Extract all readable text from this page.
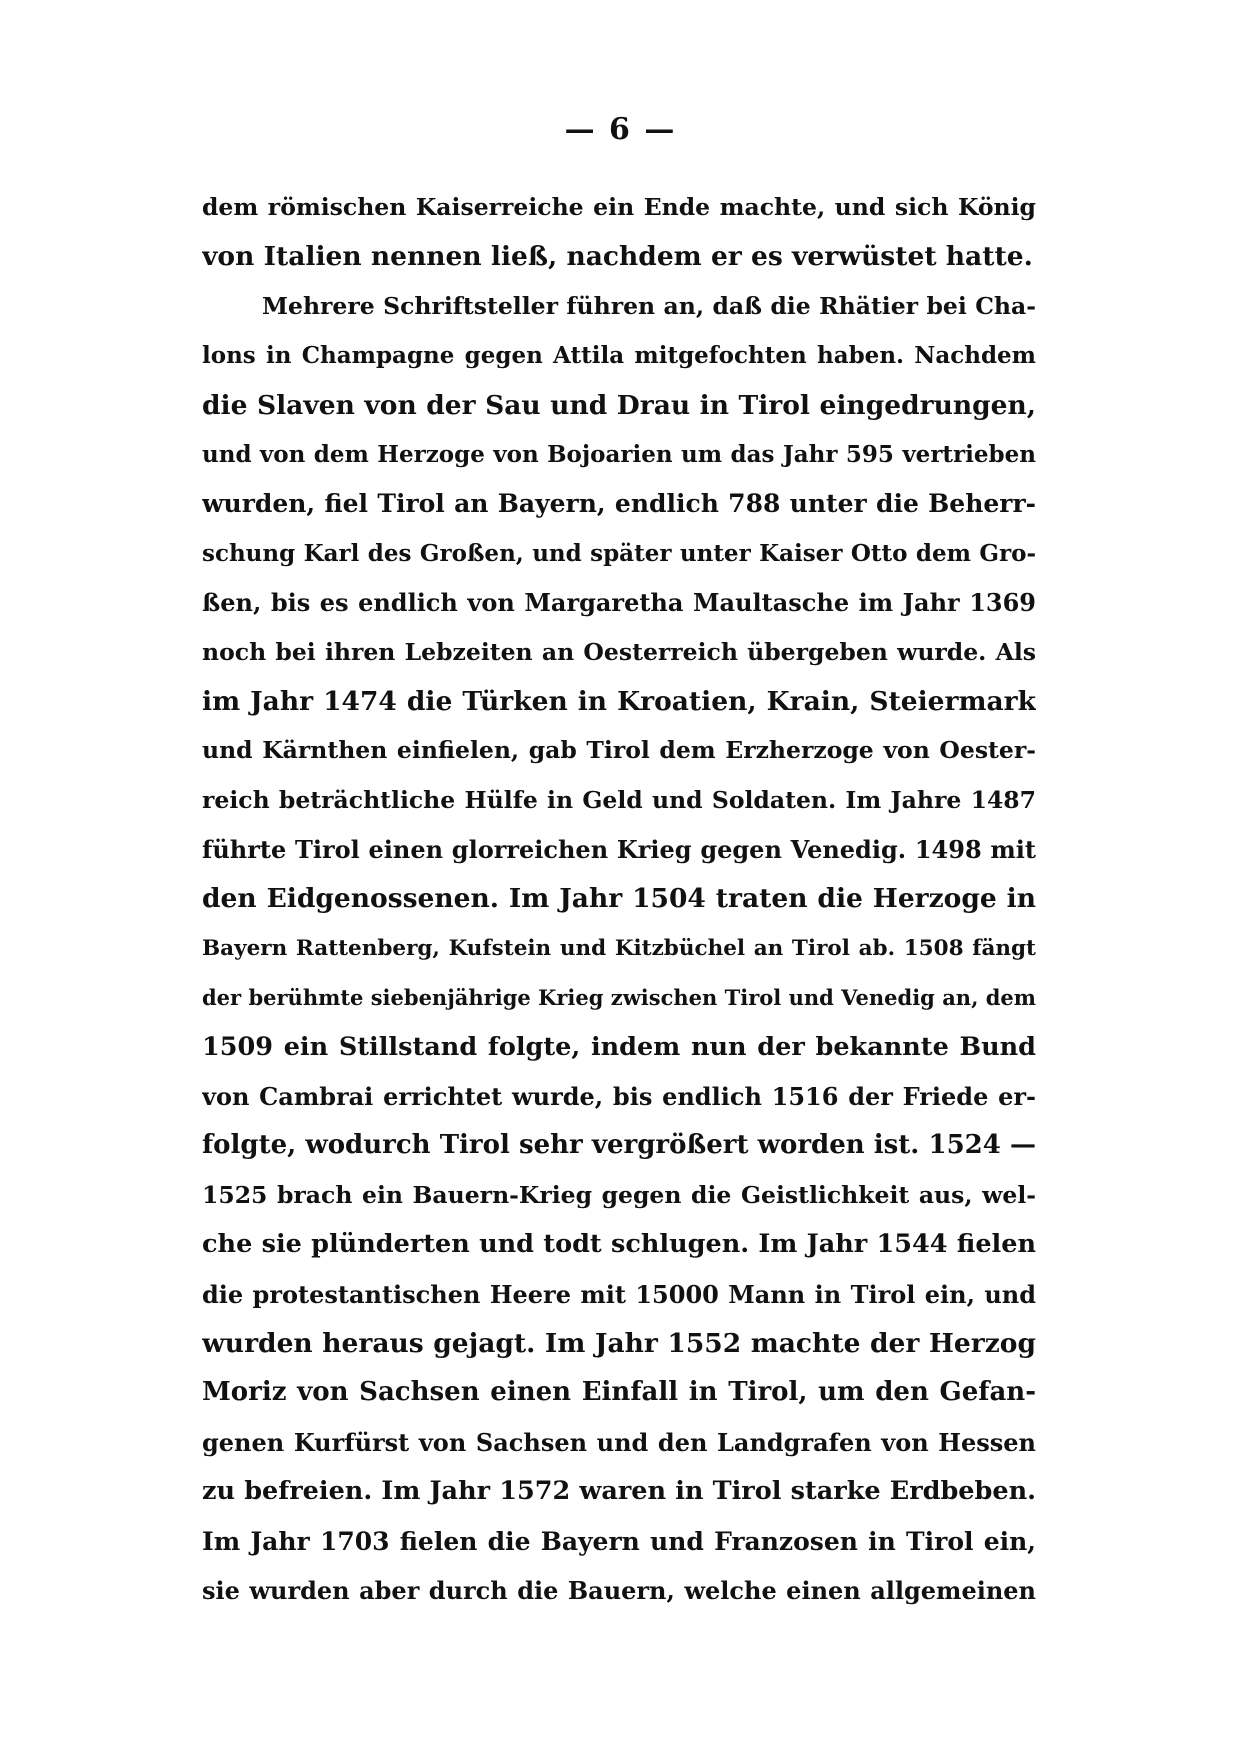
— 6 —
dem römischen Kaiserreiche ein Ende machte, und sich König
von Italien nennen ließ, nachdem er es verwüstet hatte.
Mehrere Schriftsteller führen an, daß die Rhätier bei Cha-
lons in Champagne gegen Attila mitgefochten haben. Nachdem
die Slaven von der Sau und Drau in Tirol eingedrungen,
und von dem Herzoge von Bojoarien um das Jahr 595 vertrieben
wurden, fiel Tirol an Bayern, endlich 788 unter die Beherr-
schung Karl des Großen, und später unter Kaiser Otto dem Gro-
ßen, bis es endlich von Margaretha Maultasche im Jahr 1369
noch bei ihren Lebzeiten an Oesterreich übergeben wurde. Als
im Jahr 1474 die Türken in Kroatien, Krain, Steiermark
und Kärnthen einfielen, gab Tirol dem Erzherzoge von Oester-
reich beträchtliche Hülfe in Geld und Soldaten. Im Jahre 1487
führte Tirol einen glorreichen Krieg gegen Venedig. 1498 mit
den Eidgenossenen. Im Jahr 1504 traten die Herzoge in
Bayern Rattenberg, Kufstein und Kitzbüchel an Tirol ab. 1508 fängt
der berühmte siebenjährige Krieg zwischen Tirol und Venedig an, dem
1509 ein Stillstand folgte, indem nun der bekannte Bund
von Cambrai errichtet wurde, bis endlich 1516 der Friede er-
folgte, wodurch Tirol sehr vergrößert worden ist. 1524 —
1525 brach ein Bauern-Krieg gegen die Geistlichkeit aus, wel-
che sie plünderten und todt schlugen. Im Jahr 1544 fielen
die protestantischen Heere mit 15000 Mann in Tirol ein, und
wurden heraus gejagt. Im Jahr 1552 machte der Herzog
Moriz von Sachsen einen Einfall in Tirol, um den Gefan-
genen Kurfürst von Sachsen und den Landgrafen von Hessen
zu befreien. Im Jahr 1572 waren in Tirol starke Erdbeben.
Im Jahr 1703 fielen die Bayern und Franzosen in Tirol ein,
sie wurden aber durch die Bauern, welche einen allgemeinen
